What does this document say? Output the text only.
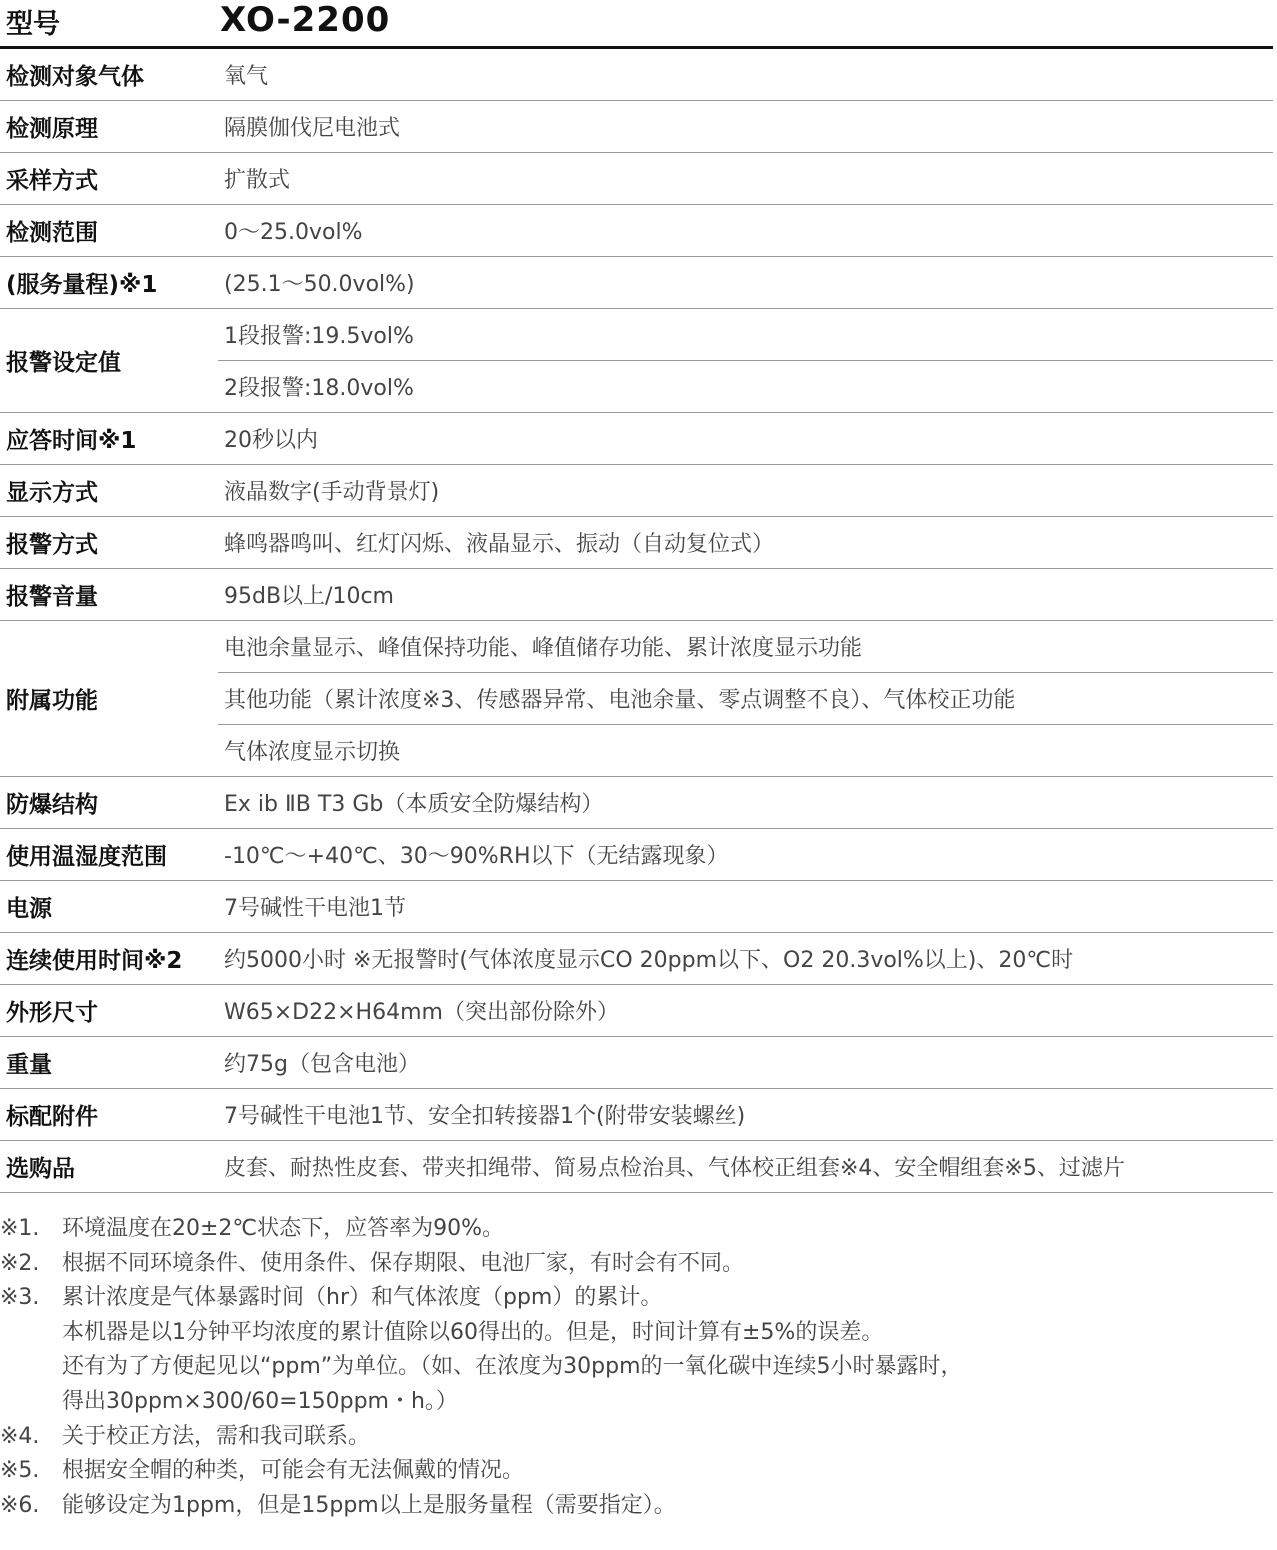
型号	XO-2200
检测对象气体	氧气
检测原理	隔膜伽伐尼电池式
采样方式	扩散式
检测范围	0～25.0vol%
(服务量程)※1	(25.1～50.0vol%)
报警设定值	1段报警:19.5vol%
	2段报警:18.0vol%
应答时间※1	20秒以内
显示方式	液晶数字(手动背景灯)
报警方式	蜂鸣器鸣叫、红灯闪烁、液晶显示、振动（自动复位式）
报警音量	95dB以上/10cm
附属功能	电池余量显示、峰值保持功能、峰值储存功能、累计浓度显示功能
	其他功能（累计浓度※3、传感器异常、电池余量、零点调整不良）、气体校正功能
	气体浓度显示切换
防爆结构	Ex ib ⅡB T3 Gb（本质安全防爆结构）
使用温湿度范围	-10℃～+40℃、30～90%RH以下（无结露现象）
电源	7号碱性干电池1节
连续使用时间※2	约5000小时 ※无报警时(气体浓度显示CO 20ppm以下、O2 20.3vol%以上)、20℃时
外形尺寸	W65×D22×H64mm（突出部份除外）
重量	约75g（包含电池）
标配附件	7号碱性干电池1节、安全扣转接器1个(附带安装螺丝)
选购品	皮套、耐热性皮套、带夹扣绳带、简易点检治具、气体校正组套※4、安全帽组套※5、过滤片
※1.	环境温度在20±2℃状态下，应答率为90%。
※2.	根据不同环境条件、使用条件、保存期限、电池厂家，有时会有不同。
※3.	累计浓度是气体暴露时间（hr）和气体浓度（ppm）的累计。
本机器是以1分钟平均浓度的累计值除以60得出的。但是，时间计算有±5%的误差。
还有为了方便起见以“ppm”为单位。（如、在浓度为30ppm的一氧化碳中连续5小时暴露时，
得出30ppm×300/60=150ppm・h。）
※4.	关于校正方法，需和我司联系。
※5.	根据安全帽的种类，可能会有无法佩戴的情况。
※6.	能够设定为1ppm，但是15ppm以上是服务量程（需要指定）。
